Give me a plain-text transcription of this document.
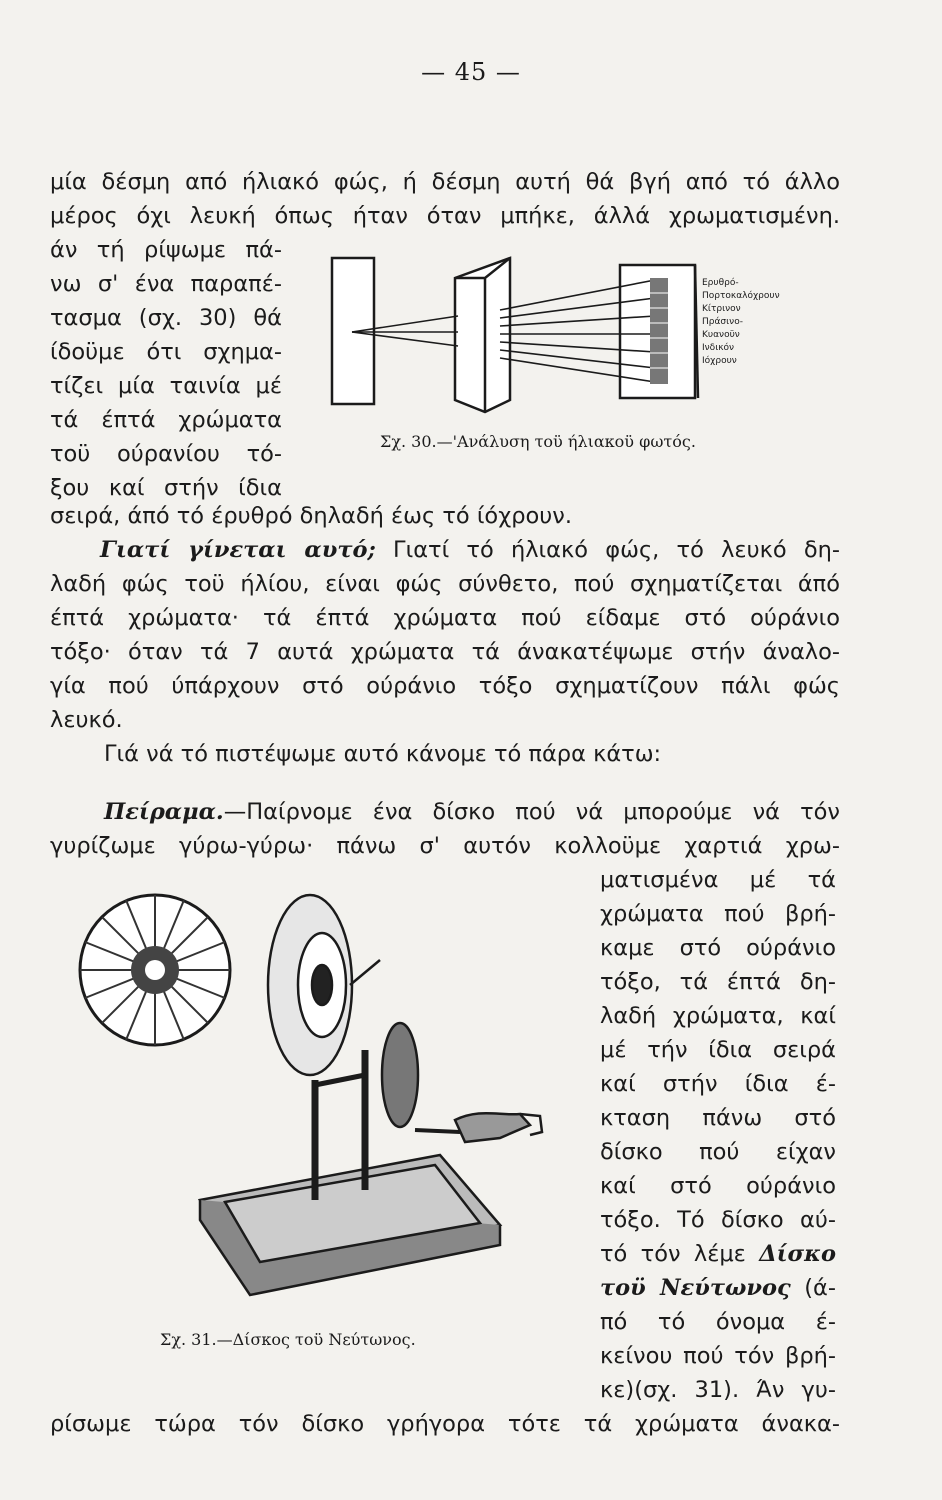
— 45 —
μία δέσμη από ήλιακό φώς, ή δέσμη αυτή θά βγή από τό άλλο
μέρος όχι λευκή όπως ήταν όταν μπήκε, άλλά χρωματισμένη.
άν τή ρίψωμε πά-
νω σ' ένα παραπέ-
τασμα (σχ. 30) θά
ίδοϋμε ότι σχημα-
τίζει μία ταινία μέ
τά έπτά χρώματα
τοϋ ούρανίου τό-
ξου καί στήν ίδια
σειρά, άπό τό έρυθρό δηλαδή έως τό ίόχρουν.
Ερυθρό-
Πορτοκαλόχρουν
Κίτρινον
Πράσινο-
Κυανοϋν
Ινδικόν
Ιόχρουν
Σχ. 30.—'Ανάλυση τοϋ ήλιακοϋ φωτός.
Γιατί γίνεται αυτό; Γιατί τό ήλιακό φώς, τό λευκό δη-
λαδή φώς τοϋ ήλίου, είναι φώς σύνθετο, πού σχηματίζεται άπό
έπτά χρώματα· τά έπτά χρώματα πού είδαμε στό ούράνιο
τόξο· όταν τά 7 αυτά χρώματα τά άνακατέψωμε στήν άναλο-
γία πού ύπάρχουν στό ούράνιο τόξο σχηματίζουν πάλι φώς
λευκό.
Γιά νά τό πιστέψωμε αυτό κάνομε τό πάρα κάτω:
Πείραμα.—Παίρνομε ένα δίσκο πού νά μπορούμε νά τόν
γυρίζωμε γύρω-γύρω· πάνω σ' αυτόν κολλοϋμε χαρτιά χρω-
ματισμένα μέ τά
χρώματα πού βρή-
καμε στό ούράνιο
τόξο, τά έπτά δη-
λαδή χρώματα, καί
μέ τήν ίδια σειρά
καί στήν ίδια έ-
κταση πάνω στό
δίσκο πού είχαν
καί στό ούράνιο
τόξο. Τό δίσκο αύ-
τό τόν λέμε Δίσκο
τοϋ Νεύτωνος (ά-
πό τό όνομα έ-
κείνου πού τόν βρή-
κε)(σχ. 31). Άν γυ-
Σχ. 31.—Δίσκος τοϋ Νεύτωνος.
ρίσωμε τώρα τόν δίσκο γρήγορα τότε τά χρώματα άνακα-
